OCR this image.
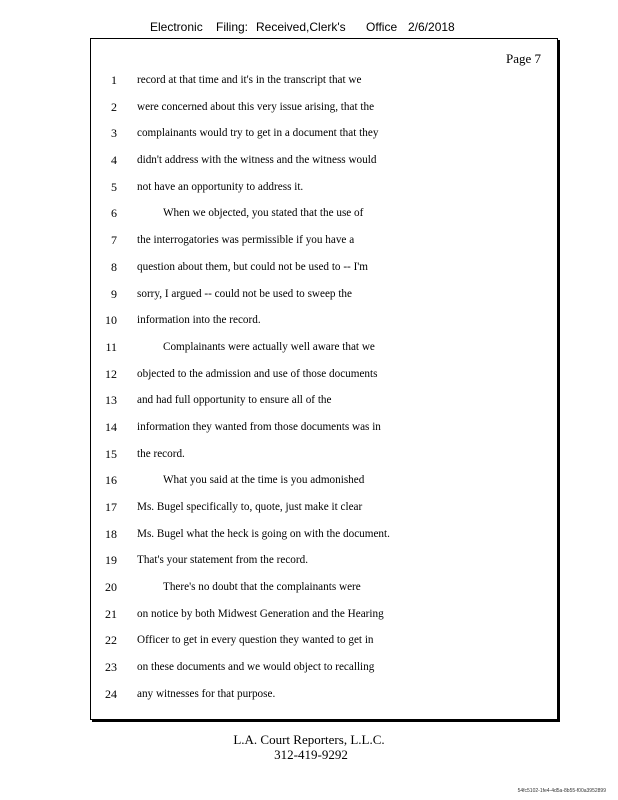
Electronic Filing: Received,Clerk's Office 2/6/2018
Page 7
1 record at that time and it's in the transcript that we
2 were concerned about this very issue arising, that the
3 complainants would try to get in a document that they
4 didn't address with the witness and the witness would
5 not have an opportunity to address it.
6	When we objected, you stated that the use of
7 the interrogatories was permissible if you have a
8 question about them, but could not be used to -- I'm
9 sorry, I argued -- could not be used to sweep the
10 information into the record.
11	Complainants were actually well aware that we
12 objected to the admission and use of those documents
13 and had full opportunity to ensure all of the
14 information they wanted from those documents was in
15 the record.
16	What you said at the time is you admonished
17 Ms. Bugel specifically to, quote, just make it clear
18 Ms. Bugel what the heck is going on with the document.
19 That's your statement from the record.
20	There's no doubt that the complainants were
21 on notice by both Midwest Generation and the Hearing
22 Officer to get in every question they wanted to get in
23 on these documents and we would object to recalling
24 any witnesses for that purpose.
L.A. Court Reporters, L.L.C.
312-419-9292
54fc5102-1fe4-4d5a-8b55-f00a3952899
